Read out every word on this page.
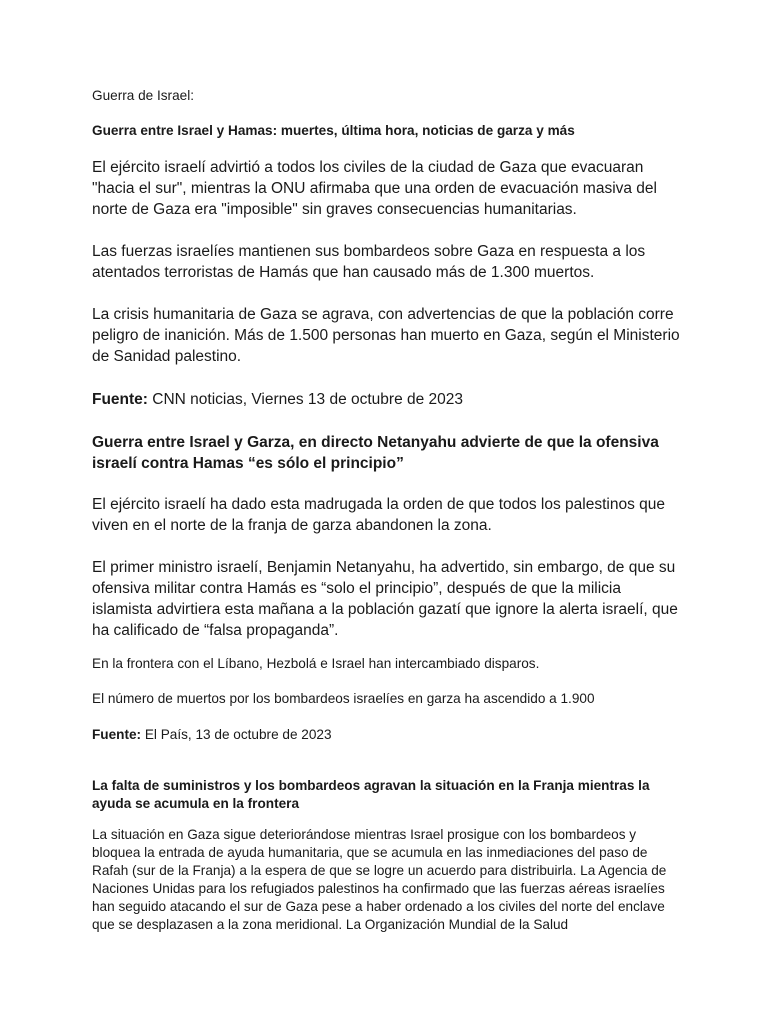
Guerra de Israel:

Guerra entre Israel y Hamas: muertes, última hora, noticias de garza y más

El ejército israelí advirtió a todos los civiles de la ciudad de Gaza que evacuaran "hacia el sur", mientras la ONU afirmaba que una orden de evacuación masiva del norte de Gaza era "imposible" sin graves consecuencias humanitarias.

Las fuerzas israelíes mantienen sus bombardeos sobre Gaza en respuesta a los atentados terroristas de Hamás que han causado más de 1.300 muertos.

La crisis humanitaria de Gaza se agrava, con advertencias de que la población corre peligro de inanición. Más de 1.500 personas han muerto en Gaza, según el Ministerio de Sanidad palestino.

Fuente: CNN noticias, Viernes 13 de octubre de 2023

Guerra entre Israel y Garza, en directo Netanyahu advierte de que la ofensiva israelí contra Hamas “es sólo el principio”

El ejército israelí ha dado esta madrugada la orden de que todos los palestinos que viven en el norte de la franja de garza abandonen la zona.

El primer ministro israelí, Benjamin Netanyahu, ha advertido, sin embargo, de que su ofensiva militar contra Hamás es “solo el principio”, después de que la milicia islamista advirtiera esta mañana a la población gazatí que ignore la alerta israelí, que ha calificado de “falsa propaganda”.

En la frontera con el Líbano, Hezbolá e Israel han intercambiado disparos.

El número de muertos por los bombardeos israelíes en garza ha ascendido a 1.900

Fuente: El País, 13 de octubre de 2023

La falta de suministros y los bombardeos agravan la situación en la Franja mientras la ayuda se acumula en la frontera

La situación en Gaza sigue deteriorándose mientras Israel prosigue con los bombardeos y bloquea la entrada de ayuda humanitaria, que se acumula en las inmediaciones del paso de Rafah (sur de la Franja) a la espera de que se logre un acuerdo para distribuirla. La Agencia de Naciones Unidas para los refugiados palestinos ha confirmado que las fuerzas aéreas israelíes han seguido atacando el sur de Gaza pese a haber ordenado a los civiles del norte del enclave que se desplazasen a la zona meridional. La Organización Mundial de la Salud
